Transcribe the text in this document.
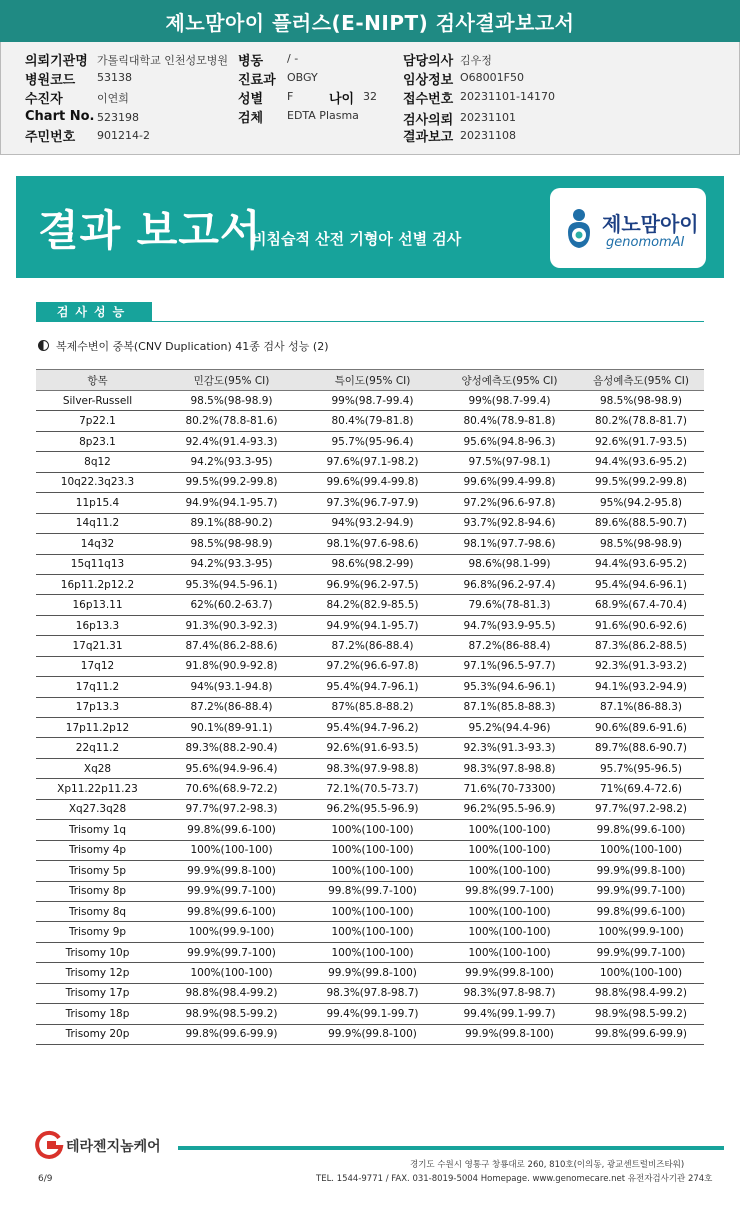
제노맘아이 플러스(E-NIPT) 검사결과보고서
의뢰기관명 가톨릭대학교 인천성모병원
병원코드 53138
수진자	이연희
Chart No. 523198
주민번호 901214-2
병동 / -
진료과 OBGY
성별 F
검체 EDTA Plasma
나이 32
담당의사 김우정
임상정보 O68001F50
접수번호 20231101-14170
검사의뢰 20231101
결과보고 20231108
결과 보고서
비침습적 산전 기형아 선별 검사
제노맘아이
genomomAI
검사성능
복제수변이 중복(CNV Duplication) 41종 검사 성능 (2)
항목	민감도(95% CI)	특이도(95% CI)	양성예측도(95% CI)	음성예측도(95% CI)
Silver-Russell	98.5%(98-98.9)	99%(98.7-99.4)	99%(98.7-99.4)	98.5%(98-98.9)
7p22.1	80.2%(78.8-81.6)	80.4%(79-81.8)	80.4%(78.9-81.8)	80.2%(78.8-81.7)
8p23.1	92.4%(91.4-93.3)	95.7%(95-96.4)	95.6%(94.8-96.3)	92.6%(91.7-93.5)
8q12	94.2%(93.3-95)	97.6%(97.1-98.2)	97.5%(97-98.1)	94.4%(93.6-95.2)
10q22.3q23.3	99.5%(99.2-99.8)	99.6%(99.4-99.8)	99.6%(99.4-99.8)	99.5%(99.2-99.8)
11p15.4	94.9%(94.1-95.7)	97.3%(96.7-97.9)	97.2%(96.6-97.8)	95%(94.2-95.8)
14q11.2	89.1%(88-90.2)	94%(93.2-94.9)	93.7%(92.8-94.6)	89.6%(88.5-90.7)
14q32	98.5%(98-98.9)	98.1%(97.6-98.6)	98.1%(97.7-98.6)	98.5%(98-98.9)
15q11q13	94.2%(93.3-95)	98.6%(98.2-99)	98.6%(98.1-99)	94.4%(93.6-95.2)
16p11.2p12.2	95.3%(94.5-96.1)	96.9%(96.2-97.5)	96.8%(96.2-97.4)	95.4%(94.6-96.1)
16p13.11	62%(60.2-63.7)	84.2%(82.9-85.5)	79.6%(78-81.3)	68.9%(67.4-70.4)
16p13.3	91.3%(90.3-92.3)	94.9%(94.1-95.7)	94.7%(93.9-95.5)	91.6%(90.6-92.6)
17q21.31	87.4%(86.2-88.6)	87.2%(86-88.4)	87.2%(86-88.4)	87.3%(86.2-88.5)
17q12	91.8%(90.9-92.8)	97.2%(96.6-97.8)	97.1%(96.5-97.7)	92.3%(91.3-93.2)
17q11.2	94%(93.1-94.8)	95.4%(94.7-96.1)	95.3%(94.6-96.1)	94.1%(93.2-94.9)
17p13.3	87.2%(86-88.4)	87%(85.8-88.2)	87.1%(85.8-88.3)	87.1%(86-88.3)
17p11.2p12	90.1%(89-91.1)	95.4%(94.7-96.2)	95.2%(94.4-96)	90.6%(89.6-91.6)
22q11.2	89.3%(88.2-90.4)	92.6%(91.6-93.5)	92.3%(91.3-93.3)	89.7%(88.6-90.7)
Xq28	95.6%(94.9-96.4)	98.3%(97.9-98.8)	98.3%(97.8-98.8)	95.7%(95-96.5)
Xp11.22p11.23	70.6%(68.9-72.2)	72.1%(70.5-73.7)	71.6%(70-73300)	71%(69.4-72.6)
Xq27.3q28	97.7%(97.2-98.3)	96.2%(95.5-96.9)	96.2%(95.5-96.9)	97.7%(97.2-98.2)
Trisomy 1q	99.8%(99.6-100)	100%(100-100)	100%(100-100)	99.8%(99.6-100)
Trisomy 4p	100%(100-100)	100%(100-100)	100%(100-100)	100%(100-100)
Trisomy 5p	99.9%(99.8-100)	100%(100-100)	100%(100-100)	99.9%(99.8-100)
Trisomy 8p	99.9%(99.7-100)	99.8%(99.7-100)	99.8%(99.7-100)	99.9%(99.7-100)
Trisomy 8q	99.8%(99.6-100)	100%(100-100)	100%(100-100)	99.8%(99.6-100)
Trisomy 9p	100%(99.9-100)	100%(100-100)	100%(100-100)	100%(99.9-100)
Trisomy 10p	99.9%(99.7-100)	100%(100-100)	100%(100-100)	99.9%(99.7-100)
Trisomy 12p	100%(100-100)	99.9%(99.8-100)	99.9%(99.8-100)	100%(100-100)
Trisomy 17p	98.8%(98.4-99.2)	98.3%(97.8-98.7)	98.3%(97.8-98.7)	98.8%(98.4-99.2)
Trisomy 18p	98.9%(98.5-99.2)	99.4%(99.1-99.7)	99.4%(99.1-99.7)	98.9%(98.5-99.2)
Trisomy 20p	99.8%(99.6-99.9)	99.9%(99.8-100)	99.9%(99.8-100)	99.8%(99.6-99.9)
테라젠지놈케어
경기도 수원시 영통구 창룡대로 260, 810호(이의동, 광교센트럴비즈타워)
TEL. 1544-9771 / FAX. 031-8019-5004 Homepage. www.genomecare.net 유전자검사기관 274호
6/9
